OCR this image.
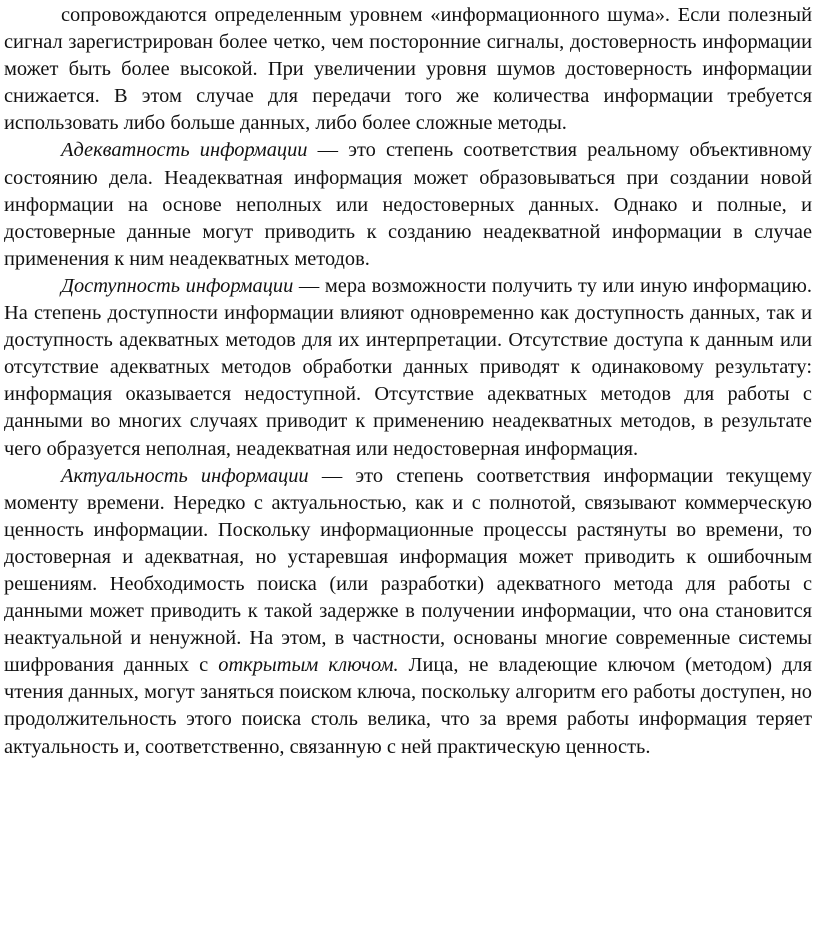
сопровождаются определенным уровнем «информационного шума». Если полезный сигнал зарегистрирован более четко, чем посторонние сигналы, достоверность информации может быть более высокой. При увеличении уровня шумов достоверность информации снижается. В этом случае для передачи того же количества информации требуется использовать либо больше данных, либо более сложные методы.

Адекватность информации — это степень соответствия реальному объективному состоянию дела. Неадекватная информация может образовываться при создании новой информации на основе неполных или недостоверных данных. Однако и полные, и достоверные данные могут приводить к созданию неадекватной информации в случае применения к ним неадекватных методов.

Доступность информации — мера возможности получить ту или иную информацию. На степень доступности информации влияют одновременно как доступность данных, так и доступность адекватных методов для их интерпретации. Отсутствие доступа к данным или отсутствие адекватных методов обработки данных приводят к одинаковому результату: информация оказывается недоступной. Отсутствие адекватных методов для работы с данными во многих случаях приводит к применению неадекватных методов, в результате чего образуется неполная, неадекватная или недостоверная информация.

Актуальность информации — это степень соответствия информации текущему моменту времени. Нередко с актуальностью, как и с полнотой, связывают коммерческую ценность информации. Поскольку информационные процессы растянуты во времени, то достоверная и адекватная, но устаревшая информация может приводить к ошибочным решениям. Необходимость поиска (или разработки) адекватного метода для работы с данными может приводить к такой задержке в получении информации, что она становится неактуальной и ненужной. На этом, в частности, основаны многие современные системы шифрования данных с открытым ключом. Лица, не владеющие ключом (методом) для чтения данных, могут заняться поиском ключа, поскольку алгоритм его работы доступен, но продолжительность этого поиска столь велика, что за время работы информация теряет актуальность и, соответственно, связанную с ней практическую ценность.
